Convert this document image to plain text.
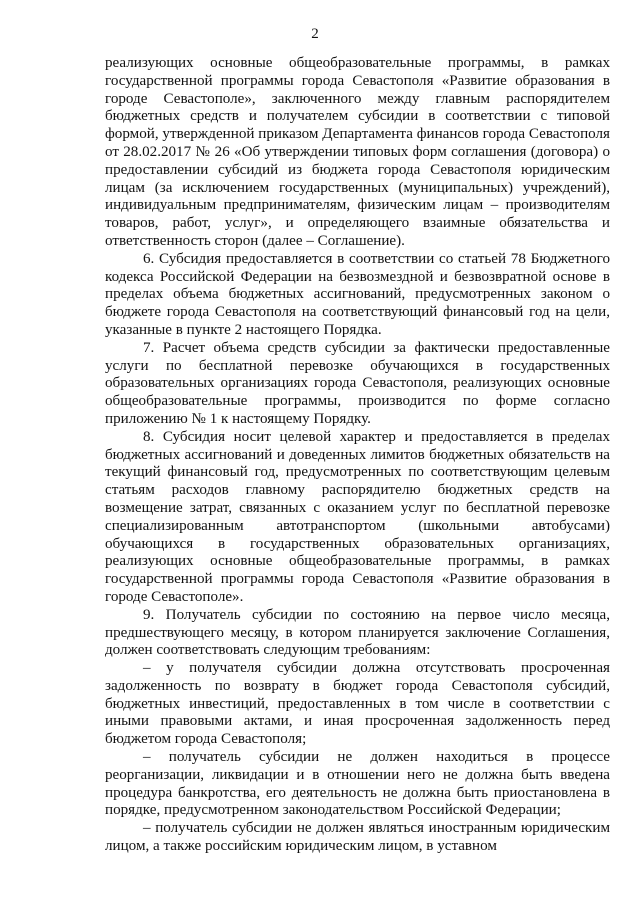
2

реализующих основные общеобразовательные программы, в рамках государственной программы города Севастополя «Развитие образования в городе Севастополе», заключенного между главным распорядителем бюджетных средств и получателем субсидии в соответствии с типовой формой, утвержденной приказом Департамента финансов города Севастополя от 28.02.2017 № 26 «Об утверждении типовых форм соглашения (договора) о предоставлении субсидий из бюджета города Севастополя юридическим лицам (за исключением государственных (муниципальных) учреждений), индивидуальным предпринимателям, физическим лицам – производителям товаров, работ, услуг», и определяющего взаимные обязательства и ответственность сторон (далее – Соглашение).

6. Субсидия предоставляется в соответствии со статьей 78 Бюджетного кодекса Российской Федерации на безвозмездной и безвозвратной основе в пределах объема бюджетных ассигнований, предусмотренных законом о бюджете города Севастополя на соответствующий финансовый год на цели, указанные в пункте 2 настоящего Порядка.

7. Расчет объема средств субсидии за фактически предоставленные услуги по бесплатной перевозке обучающихся в государственных образовательных организациях города Севастополя, реализующих основные общеобразовательные программы, производится по форме согласно приложению № 1 к настоящему Порядку.

8. Субсидия носит целевой характер и предоставляется в пределах бюджетных ассигнований и доведенных лимитов бюджетных обязательств на текущий финансовый год, предусмотренных по соответствующим целевым статьям расходов главному распорядителю бюджетных средств на возмещение затрат, связанных с оказанием услуг по бесплатной перевозке специализированным автотранспортом (школьными автобусами) обучающихся в государственных образовательных организациях, реализующих основные общеобразовательные программы, в рамках государственной программы города Севастополя «Развитие образования в городе Севастополе».

9. Получатель субсидии по состоянию на первое число месяца, предшествующего месяцу, в котором планируется заключение Соглашения, должен соответствовать следующим требованиям:

– у получателя субсидии должна отсутствовать просроченная задолженность по возврату в бюджет города Севастополя субсидий, бюджетных инвестиций, предоставленных в том числе в соответствии с иными правовыми актами, и иная просроченная задолженность перед бюджетом города Севастополя;

– получатель субсидии не должен находиться в процессе реорганизации, ликвидации и в отношении него не должна быть введена процедура банкротства, его деятельность не должна быть приостановлена в порядке, предусмотренном законодательством Российской Федерации;

– получатель субсидии не должен являться иностранным юридическим лицом, а также российским юридическим лицом, в уставном
